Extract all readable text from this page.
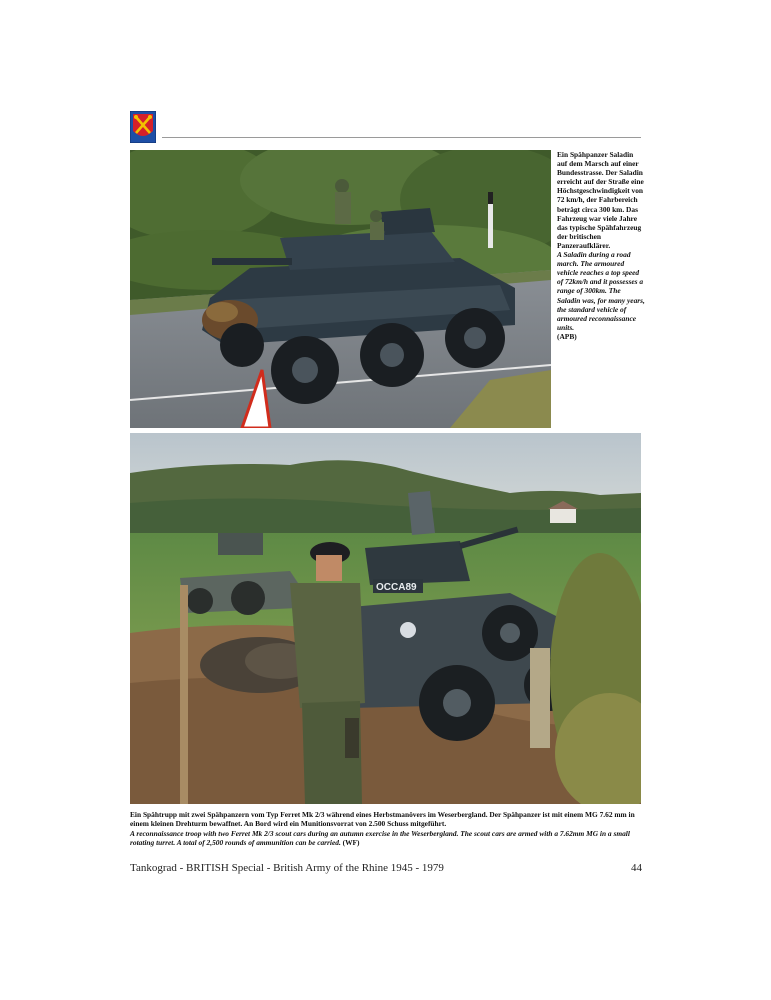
Ein Spähpanzer Saladin auf dem Marsch auf einer Bundesstrasse. Der Saladin erreicht auf der Straße eine Höchstgeschwindigkeit von 72 km/h, der Fahrbereich beträgt circa 300 km. Das Fahrzeug war viele Jahre das typische Spähfahrzeug der britischen Panzeraufklärer.
A Saladin during a road march. The armoured vehicle reaches a top speed of 72km/h and it possesses a range of 300km. The Saladin was, for many years, the standard vehicle of armoured reconnaissance units.
(APB)
OCCA89
Ein Spähtrupp mit zwei Spähpanzern vom Typ Ferret Mk 2/3 während eines Herbstmanövers im Weserbergland. Der Spähpanzer ist mit einem MG 7.62 mm in einem kleinen Drehturm bewaffnet. An Bord wird ein Munitionsvorrat von 2.500 Schuss mitgeführt.
A reconnaissance troop with two Ferret Mk 2/3 scout cars during an autumn exercise in the Weserbergland. The scout cars are armed with a 7.62mm MG in a small rotating turret. A total of 2,500 rounds of ammunition can be carried. (WF)
Tankograd - BRITISH Special - British Army of the Rhine 1945 - 1979	44
